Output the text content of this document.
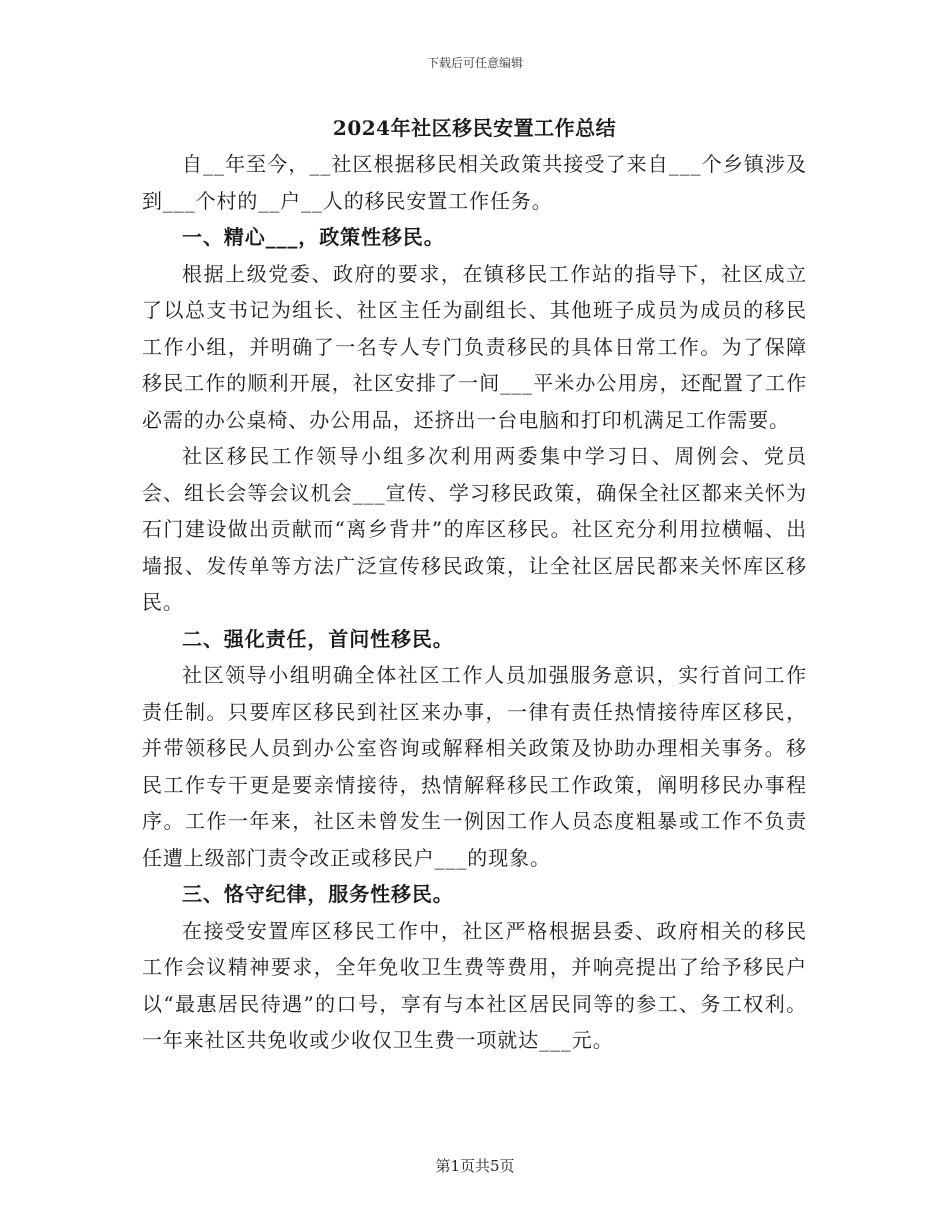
下载后可任意编辑
2024年社区移民安置工作总结

自__年至今，__社区根据移民相关政策共接受了来自___个乡镇涉及到___个村的__户__人的移民安置工作任务。

一、精心___，政策性移民。

根据上级党委、政府的要求，在镇移民工作站的指导下，社区成立了以总支书记为组长、社区主任为副组长、其他班子成员为成员的移民工作小组，并明确了一名专人专门负责移民的具体日常工作。为了保障移民工作的顺利开展，社区安排了一间___平米办公用房，还配置了工作必需的办公桌椅、办公用品，还挤出一台电脑和打印机满足工作需要。

社区移民工作领导小组多次利用两委集中学习日、周例会、党员会、组长会等会议机会___宣传、学习移民政策，确保全社区都来关怀为石门建设做出贡献而“离乡背井”的库区移民。社区充分利用拉横幅、出墙报、发传单等方法广泛宣传移民政策，让全社区居民都来关怀库区移民。

二、强化责任，首问性移民。

社区领导小组明确全体社区工作人员加强服务意识，实行首问工作责任制。只要库区移民到社区来办事，一律有责任热情接待库区移民，并带领移民人员到办公室咨询或解释相关政策及协助办理相关事务。移民工作专干更是要亲情接待，热情解释移民工作政策，阐明移民办事程序。工作一年来，社区未曾发生一例因工作人员态度粗暴或工作不负责任遭上级部门责令改正或移民户___的现象。

三、恪守纪律，服务性移民。

在接受安置库区移民工作中，社区严格根据县委、政府相关的移民工作会议精神要求，全年免收卫生费等费用，并响亮提出了给予移民户以“最惠居民待遇”的口号，享有与本社区居民同等的参工、务工权利。一年来社区共免收或少收仅卫生费一项就达___元。

第1页共5页
